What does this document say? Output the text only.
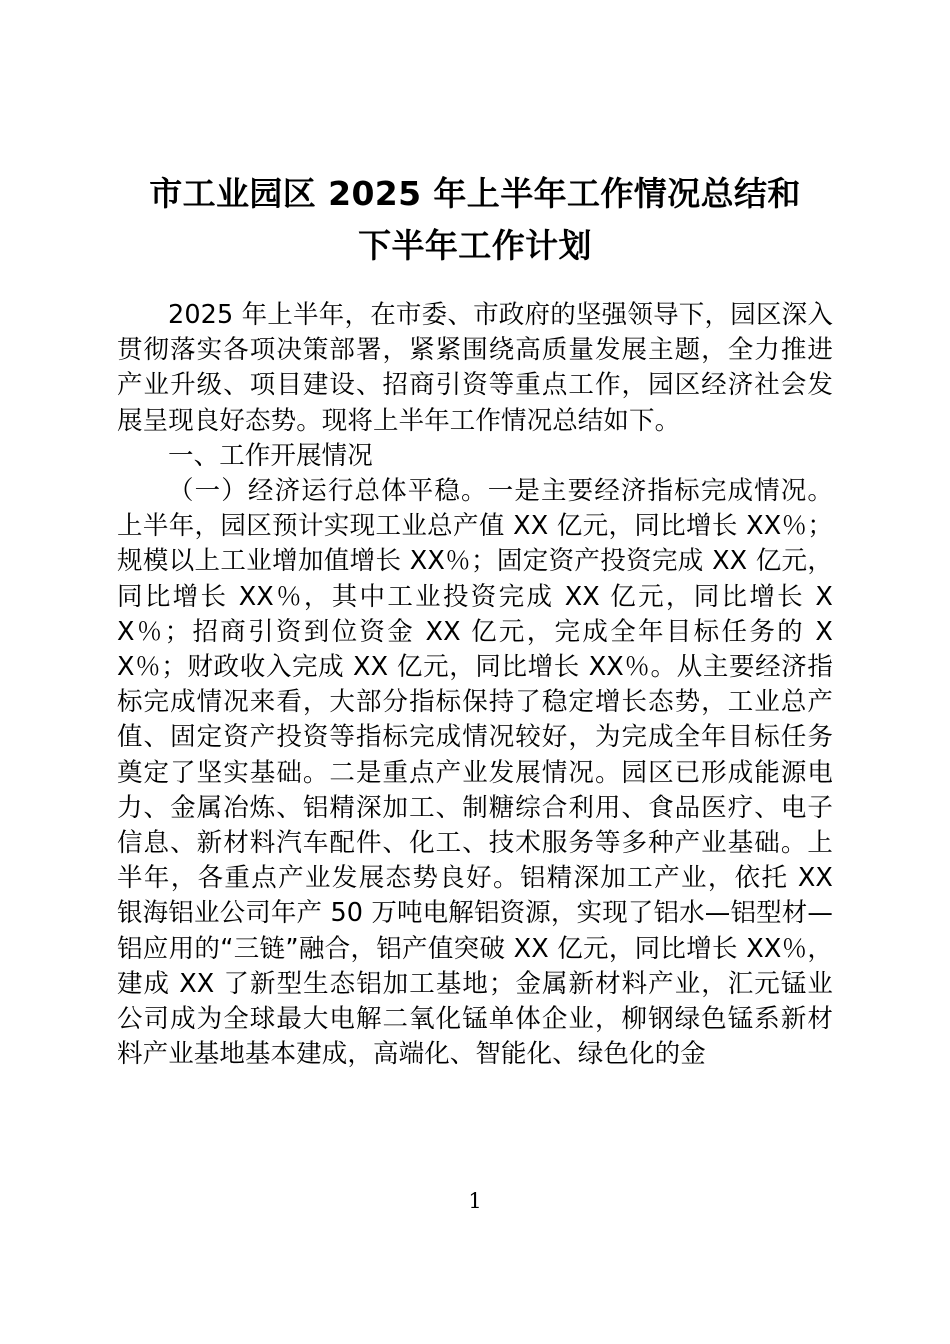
市工业园区 2025 年上半年工作情况总结和
下半年工作计划

2025 年上半年，在市委、市政府的坚强领导下，园区深入贯彻落实各项决策部署，紧紧围绕高质量发展主题，全力推进产业升级、项目建设、招商引资等重点工作，园区经济社会发展呈现良好态势。现将上半年工作情况总结如下。

一、工作开展情况

（一）经济运行总体平稳。一是主要经济指标完成情况。上半年，园区预计实现工业总产值 XX 亿元，同比增长 XX％；规模以上工业增加值增长 XX％；固定资产投资完成 XX 亿元，同比增长 XX％，其中工业投资完成 XX 亿元，同比增长 XX％；招商引资到位资金 XX 亿元，完成全年目标任务的 XX％；财政收入完成 XX 亿元，同比增长 XX％。从主要经济指标完成情况来看，大部分指标保持了稳定增长态势，工业总产值、固定资产投资等指标完成情况较好，为完成全年目标任务奠定了坚实基础。二是重点产业发展情况。园区已形成能源电力、金属冶炼、铝精深加工、制糖综合利用、食品医疗、电子信息、新材料汽车配件、化工、技术服务等多种产业基础。上半年，各重点产业发展态势良好。铝精深加工产业，依托 XX 银海铝业公司年产 50 万吨电解铝资源，实现了铝水—铝型材—铝应用的“三链”融合，铝产值突破 XX 亿元，同比增长 XX％，建成 XX 了新型生态铝加工基地；金属新材料产业，汇元锰业公司成为全球最大电解二氧化锰单体企业，柳钢绿色锰系新材料产业基地基本建成，高端化、智能化、绿色化的金

1
